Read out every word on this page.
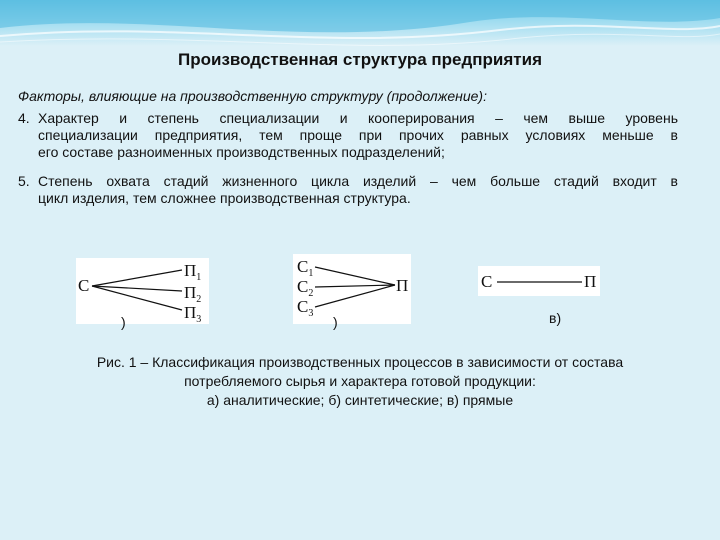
Производственная структура предприятия
Факторы, влияющие на производственную структуру (продолжение):
4. Характер и степень специализации и кооперирования – чем выше уровень
специализации предприятия, тем проще при прочих равных условиях меньше в
его составе разноименных производственных подразделений;
5. Степень охвата стадий жизненного цикла изделий – чем больше стадий входит в
цикл изделия, тем сложнее производственная структура.
С
$П_1$
$П_2$
$П_3$
)
$С_1$
$С_2$
$С_3$
П
)
С	П
в)
Рис. 1 – Классификация производственных процессов в зависимости от состава
потребляемого сырья и характера готовой продукции:
а) аналитические; б) синтетические; в) прямые
